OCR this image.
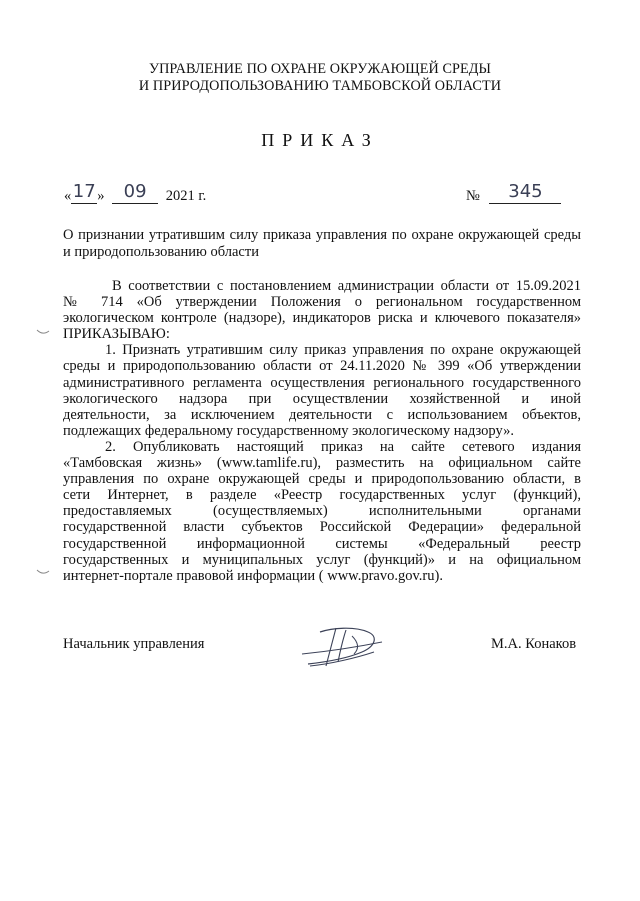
УПРАВЛЕНИЕ ПО ОХРАНЕ ОКРУЖАЮЩЕЙ СРЕДЫ
И ПРИРОДОПОЛЬЗОВАНИЮ ТАМБОВСКОЙ ОБЛАСТИ
ПРИКАЗ
«17 » 09 2021 г.	№ 345
О признании утратившим силу приказа управления по охране окружающей среды и природопользованию области

В соответствии с постановлением администрации области от 15.09.2021

№ 714 «Об утверждении Положения о региональном государственном

экологическом контроле (надзоре), индикаторов риска и ключевого показателя»

ПРИКАЗЫВАЮ:

1. Признать утратившим силу приказ управления по охране окружающей

среды и природопользованию области от 24.11.2020 № 399 «Об утверждении

административного регламента осуществления регионального государственного

экологического надзора при осуществлении хозяйственной и иной

деятельности, за исключением деятельности с использованием объектов,

подлежащих федеральному государственному экологическому надзору».

2. Опубликовать настоящий приказ на сайте сетевого издания

«Тамбовская жизнь» (www.tamlife.ru), разместить на официальном сайте

управления по охране окружающей среды и природопользованию области, в

сети Интернет, в разделе «Реестр государственных услуг (функций),

предоставляемых (осуществляемых) исполнительными органами

государственной власти субъектов Российской Федерации» федеральной

государственной информационной системы «Федеральный реестр

государственных и муниципальных услуг (функций)» и на официальном

интернет-портале правовой информации ( www.pravo.gov.ru).

Начальник управления	М.А. Конаков
